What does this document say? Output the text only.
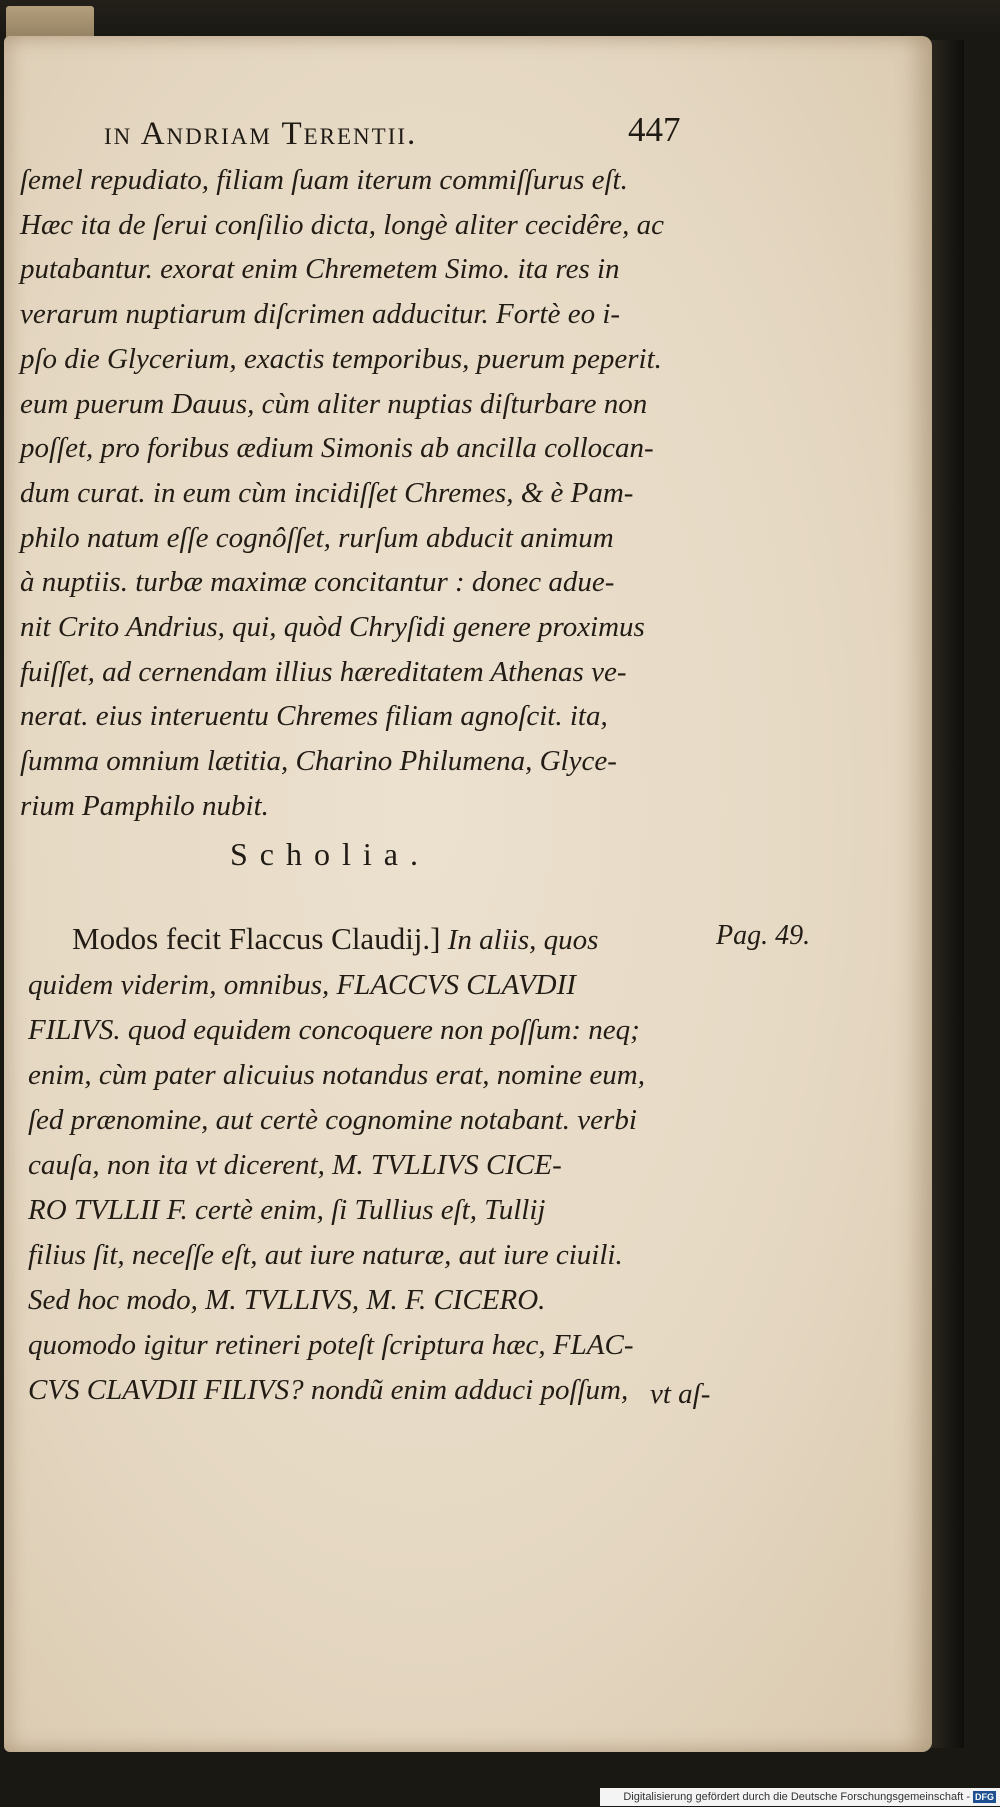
in Andriam Terentii.	447
ſemel repudiato, filiam ſuam iterum commiſſurus eſt.
Hæc ita de ſerui conſilio dicta, longè aliter cecidêre, ac
putabantur. exorat enim Chremetem Simo. ita res in
verarum nuptiarum diſcrimen adducitur. Fortè eo i-
pſo die Glycerium, exactis temporibus, puerum peperit.
eum puerum Dauus, cùm aliter nuptias diſturbare non
poſſet, pro foribus ædium Simonis ab ancilla collocan-
dum curat. in eum cùm incidiſſet Chremes, & è Pam-
philo natum eſſe cognôſſet, rurſum abducit animum
à nuptiis. turbæ maximæ concitantur : donec adue-
nit Crito Andrius, qui, quòd Chryſidi genere proximus
fuiſſet, ad cernendam illius hæreditatem Athenas ve-
nerat. eius interuentu Chremes filiam agnoſcit. ita,
ſumma omnium lætitia, Charino Philumena, Glyce-
rium Pamphilo nubit.
Scholia.
Modos fecit Flaccus Claudij.] In aliis, quos
quidem viderim, omnibus, FLACCVS CLAVDII
FILIVS. quod equidem concoquere non poſſum: neq;
enim, cùm pater alicuius notandus erat, nomine eum,
ſed prænomine, aut certè cognomine notabant. verbi
cauſa, non ita vt dicerent, M. TVLLIVS CICE-
RO TVLLII F. certè enim, ſi Tullius eſt, Tullij
filius ſit, neceſſe eſt, aut iure naturæ, aut iure ciuili.
Sed hoc modo, M. TVLLIVS, M. F. CICERO.
quomodo igitur retineri poteſt ſcriptura hæc, FLAC-
CVS CLAVDII FILIVS? nondũ enim adduci poſſum,
Pag. 49.
vt aſ-
Digitalisierung gefördert durch die Deutsche Forschungsgemeinschaft - DFG
